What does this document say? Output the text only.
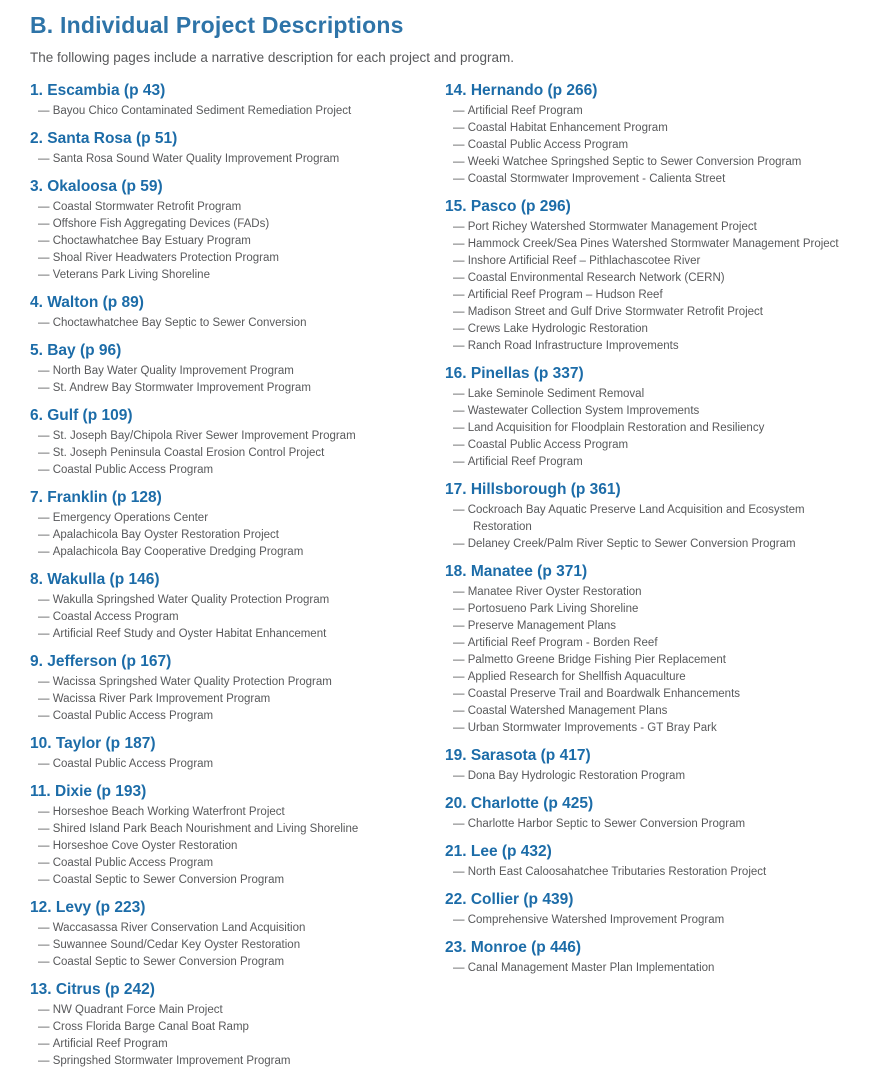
B. Individual Project Descriptions

The following pages include a narrative description for each project and program.

1. Escambia (p 43)
— Bayou Chico Contaminated Sediment Remediation Project
2. Santa Rosa (p 51)
— Santa Rosa Sound Water Quality Improvement Program
3. Okaloosa (p 59)
— Coastal Stormwater Retrofit Program
— Offshore Fish Aggregating Devices (FADs)
— Choctawhatchee Bay Estuary Program
— Shoal River Headwaters Protection Program
— Veterans Park Living Shoreline
4. Walton (p 89)
— Choctawhatchee Bay Septic to Sewer Conversion
5. Bay (p 96)
— North Bay Water Quality Improvement Program
— St. Andrew Bay Stormwater Improvement Program
6. Gulf (p 109)
— St. Joseph Bay/Chipola River Sewer Improvement Program
— St. Joseph Peninsula Coastal Erosion Control Project
— Coastal Public Access Program
7. Franklin (p 128)
— Emergency Operations Center
— Apalachicola Bay Oyster Restoration Project
— Apalachicola Bay Cooperative Dredging Program
8. Wakulla (p 146)
— Wakulla Springshed Water Quality Protection Program
— Coastal Access Program
— Artificial Reef Study and Oyster Habitat Enhancement
9. Jefferson (p 167)
— Wacissa Springshed Water Quality Protection Program
— Wacissa River Park Improvement Program
— Coastal Public Access Program
10. Taylor (p 187)
— Coastal Public Access Program
11. Dixie (p 193)
— Horseshoe Beach Working Waterfront Project
— Shired Island Park Beach Nourishment and Living Shoreline
— Horseshoe Cove Oyster Restoration
— Coastal Public Access Program
— Coastal Septic to Sewer Conversion Program
12. Levy (p 223)
— Waccasassa River Conservation Land Acquisition
— Suwannee Sound/Cedar Key Oyster Restoration
— Coastal Septic to Sewer Conversion Program
13. Citrus (p 242)
— NW Quadrant Force Main Project
— Cross Florida Barge Canal Boat Ramp
— Artificial Reef Program
— Springshed Stormwater Improvement Program
14. Hernando (p 266)
— Artificial Reef Program
— Coastal Habitat Enhancement Program
— Coastal Public Access Program
— Weeki Watchee Springshed Septic to Sewer Conversion Program
— Coastal Stormwater Improvement - Calienta Street
15. Pasco (p 296)
— Port Richey Watershed Stormwater Management Project
— Hammock Creek/Sea Pines Watershed Stormwater Management Project
— Inshore Artificial Reef – Pithlachascotee River
— Coastal Environmental Research Network (CERN)
— Artificial Reef Program – Hudson Reef
— Madison Street and Gulf Drive Stormwater Retrofit Project
— Crews Lake Hydrologic Restoration
— Ranch Road Infrastructure Improvements
16. Pinellas (p 337)
— Lake Seminole Sediment Removal
— Wastewater Collection System Improvements
— Land Acquisition for Floodplain Restoration and Resiliency
— Coastal Public Access Program
— Artificial Reef Program
17. Hillsborough (p 361)
— Cockroach Bay Aquatic Preserve Land Acquisition and Ecosystem Restoration
— Delaney Creek/Palm River Septic to Sewer Conversion Program
18. Manatee (p 371)
— Manatee River Oyster Restoration
— Portosueno Park Living Shoreline
— Preserve Management Plans
— Artificial Reef Program - Borden Reef
— Palmetto Greene Bridge Fishing Pier Replacement
— Applied Research for Shellfish Aquaculture
— Coastal Preserve Trail and Boardwalk Enhancements
— Coastal Watershed Management Plans
— Urban Stormwater Improvements - GT Bray Park
19. Sarasota (p 417)
— Dona Bay Hydrologic Restoration Program
20. Charlotte (p 425)
— Charlotte Harbor Septic to Sewer Conversion Program
21. Lee (p 432)
— North East Caloosahatchee Tributaries Restoration Project
22. Collier (p 439)
— Comprehensive Watershed Improvement Program
23. Monroe (p 446)
— Canal Management Master Plan Implementation
